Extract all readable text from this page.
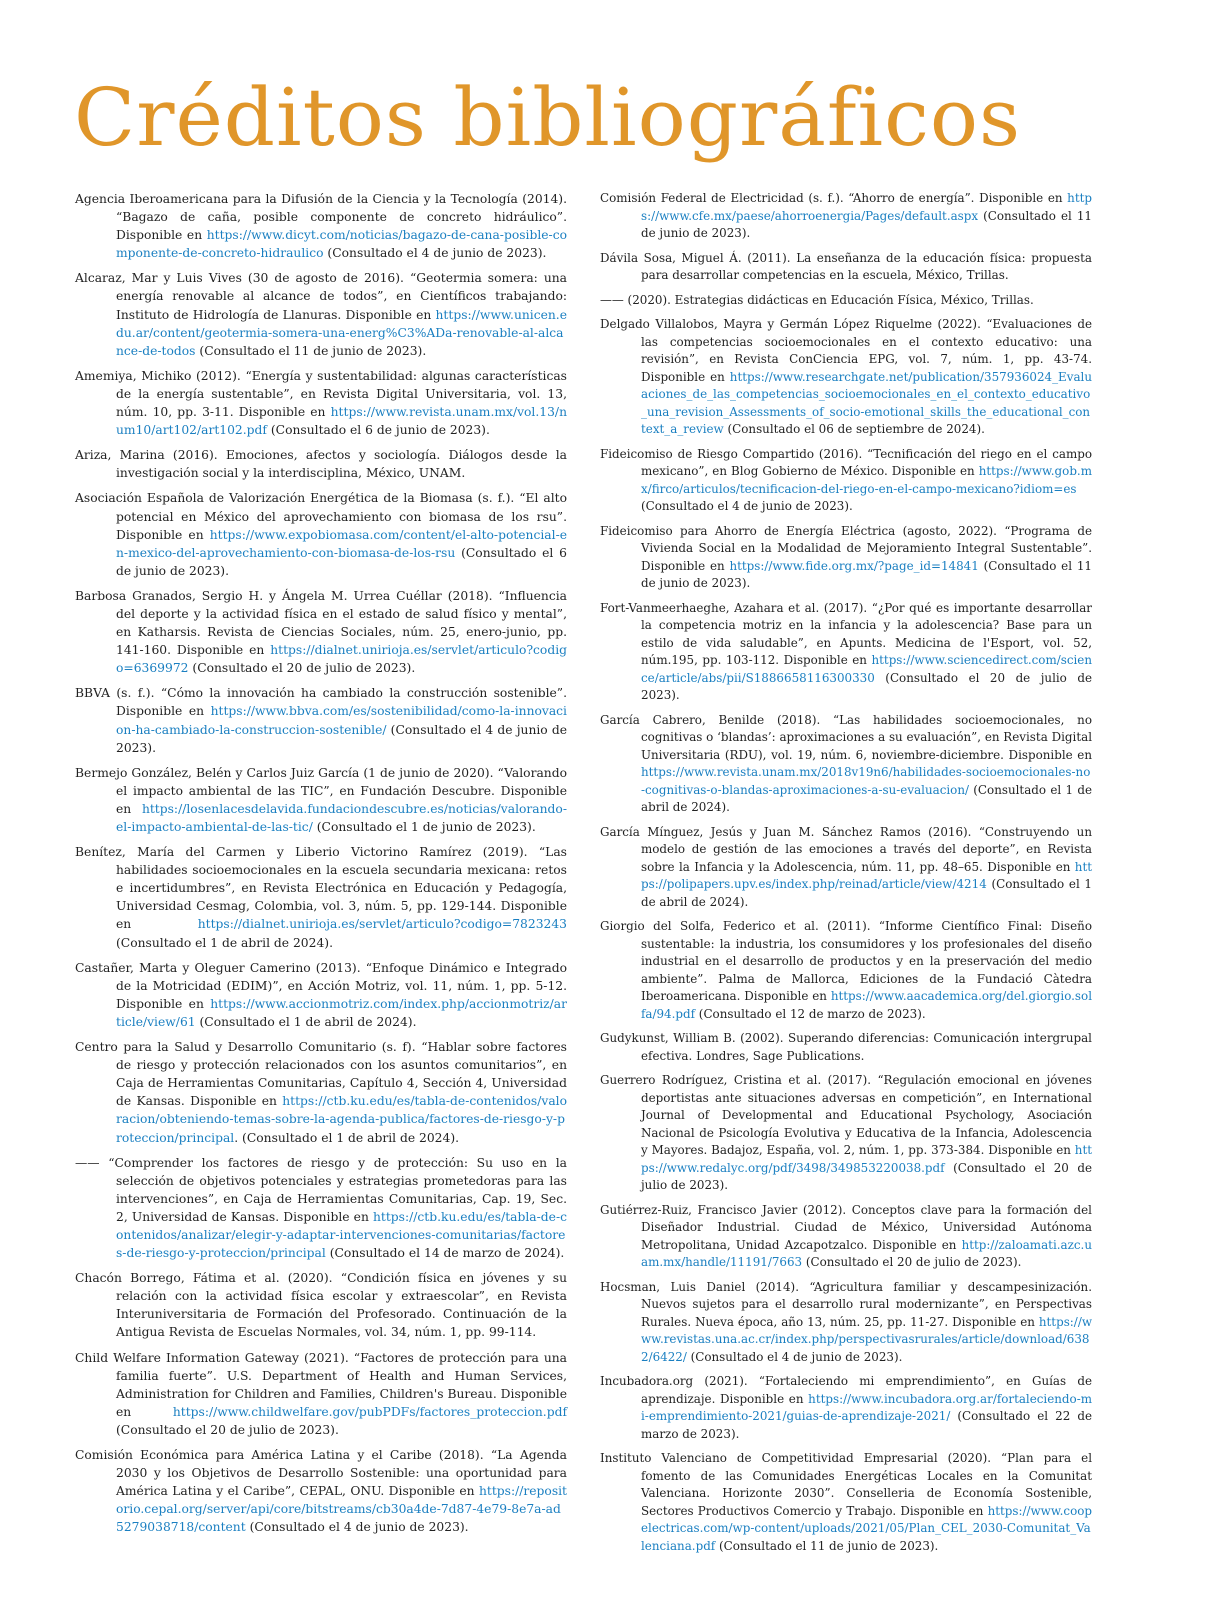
Créditos bibliográficos

Agencia Iberoamericana para la Difusión de la Ciencia y la Tecnología (2014). “Bagazo de caña, posible componente de concreto hidráulico”. Disponible en https://www.dicyt.com/noticias/bagazo-de-cana-posible-componente-de-concreto-hidraulico (Consultado el 4 de junio de 2023).

Alcaraz, Mar y Luis Vives (30 de agosto de 2016). “Geotermia somera: una energía renovable al alcance de todos”, en Científicos trabajando: Instituto de Hidrología de Llanuras. Disponible en https://www.unicen.edu.ar/content/geotermia-somera-una-energ%C3%ADa-renovable-al-alcance-de-todos (Consultado el 11 de junio de 2023).

Amemiya, Michiko (2012). “Energía y sustentabilidad: algunas características de la energía sustentable”, en Revista Digital Universitaria, vol. 13, núm. 10, pp. 3-11. Disponible en https://www.revista.unam.mx/vol.13/num10/art102/art102.pdf (Consultado el 6 de junio de 2023).

Ariza, Marina (2016). Emociones, afectos y sociología. Diálogos desde la investigación social y la interdisciplina, México, UNAM.

Asociación Española de Valorización Energética de la Biomasa (s. f.). “El alto potencial en México del aprovechamiento con biomasa de los rsu”. Disponible en https://www.expobiomasa.com/content/el-alto-potencial-en-mexico-del-aprovechamiento-con-biomasa-de-los-rsu (Consultado el 6 de junio de 2023).

Barbosa Granados, Sergio H. y Ángela M. Urrea Cuéllar (2018). “Influencia del deporte y la actividad física en el estado de salud físico y mental”, en Katharsis. Revista de Ciencias Sociales, núm. 25, enero-junio, pp. 141-160. Disponible en https://dialnet.unirioja.es/servlet/articulo?codigo=6369972 (Consultado el 20 de julio de 2023).

BBVA (s. f.). “Cómo la innovación ha cambiado la construcción sostenible”. Disponible en https://www.bbva.com/es/sostenibilidad/como-la-innovacion-ha-cambiado-la-construccion-sostenible/ (Consultado el 4 de junio de 2023).

Bermejo González, Belén y Carlos Juiz García (1 de junio de 2020). “Valorando el impacto ambiental de las TIC”, en Fundación Descubre. Disponible en https://losenlacesdelavida.fundaciondescubre.es/noticias/valorando-el-impacto-ambiental-de-las-tic/ (Consultado el 1 de junio de 2023).

Benítez, María del Carmen y Liberio Victorino Ramírez (2019). “Las habilidades socioemocionales en la escuela secundaria mexicana: retos e incertidumbres”, en Revista Electrónica en Educación y Pedagogía, Universidad Cesmag, Colombia, vol. 3, núm. 5, pp. 129-144. Disponible en https://dialnet.unirioja.es/servlet/articulo?codigo=7823243 (Consultado el 1 de abril de 2024).

Castañer, Marta y Oleguer Camerino (2013). “Enfoque Dinámico e Integrado de la Motricidad (EDIM)”, en Acción Motriz, vol. 11, núm. 1, pp. 5-12. Disponible en https://www.accionmotriz.com/index.php/accionmotriz/article/view/61 (Consultado el 1 de abril de 2024).

Centro para la Salud y Desarrollo Comunitario (s. f). “Hablar sobre factores de riesgo y protección relacionados con los asuntos comunitarios”, en Caja de Herramientas Comunitarias, Capítulo 4, Sección 4, Universidad de Kansas. Disponible en https://ctb.ku.edu/es/tabla-de-contenidos/valoracion/obteniendo-temas-sobre-la-agenda-publica/factores-de-riesgo-y-proteccion/principal. (Consultado el 1 de abril de 2024).

—— “Comprender los factores de riesgo y de protección: Su uso en la selección de objetivos potenciales y estrategias prometedoras para las intervenciones”, en Caja de Herramientas Comunitarias, Cap. 19, Sec. 2, Universidad de Kansas. Disponible en https://ctb.ku.edu/es/tabla-de-contenidos/analizar/elegir-y-adaptar-intervenciones-comunitarias/factores-de-riesgo-y-proteccion/principal (Consultado el 14 de marzo de 2024).

Chacón Borrego, Fátima et al. (2020). “Condición física en jóvenes y su relación con la actividad física escolar y extraescolar”, en Revista Interuniversitaria de Formación del Profesorado. Continuación de la Antigua Revista de Escuelas Normales, vol. 34, núm. 1, pp. 99-114.

Child Welfare Information Gateway (2021). “Factores de protección para una familia fuerte”. U.S. Department of Health and Human Services, Administration for Children and Families, Children's Bureau. Disponible en https://www.childwelfare.gov/pubPDFs/factores_proteccion.pdf (Consultado el 20 de julio de 2023).

Comisión Económica para América Latina y el Caribe (2018). “La Agenda 2030 y los Objetivos de Desarrollo Sostenible: una oportunidad para América Latina y el Caribe”, CEPAL, ONU. Disponible en https://repositorio.cepal.org/server/api/core/bitstreams/cb30a4de-7d87-4e79-8e7a-ad5279038718/content (Consultado el 4 de junio de 2023).

Comisión Federal de Electricidad (s. f.). “Ahorro de energía”. Disponible en https://www.cfe.mx/paese/ahorroenergia/Pages/default.aspx (Consultado el 11 de junio de 2023).

Dávila Sosa, Miguel Á. (2011). La enseñanza de la educación física: propuesta para desarrollar competencias en la escuela, México, Trillas.

—— (2020). Estrategias didácticas en Educación Física, México, Trillas.

Delgado Villalobos, Mayra y Germán López Riquelme (2022). “Evaluaciones de las competencias socioemocionales en el contexto educativo: una revisión”, en Revista ConCiencia EPG, vol. 7, núm. 1, pp. 43-74. Disponible en https://www.researchgate.net/publication/357936024_Evaluaciones_de_las_competencias_socioemocionales_en_el_contexto_educativo_una_revision_Assessments_of_socio-emotional_skills_the_educational_context_a_review (Consultado el 06 de septiembre de 2024).

Fideicomiso de Riesgo Compartido (2016). “Tecnificación del riego en el campo mexicano”, en Blog Gobierno de México. Disponible en https://www.gob.mx/firco/articulos/tecnificacion-del-riego-en-el-campo-mexicano?idiom=es (Consultado el 4 de junio de 2023).

Fideicomiso para Ahorro de Energía Eléctrica (agosto, 2022). “Programa de Vivienda Social en la Modalidad de Mejoramiento Integral Sustentable”. Disponible en https://www.fide.org.mx/?page_id=14841 (Consultado el 11 de junio de 2023).

Fort-Vanmeerhaeghe, Azahara et al. (2017). “¿Por qué es importante desarrollar la competencia motriz en la infancia y la adolescencia? Base para un estilo de vida saludable”, en Apunts. Medicina de l'Esport, vol. 52, núm.195, pp. 103-112. Disponible en https://www.sciencedirect.com/science/article/abs/pii/S1886658116300330 (Consultado el 20 de julio de 2023).

García Cabrero, Benilde (2018). “Las habilidades socioemocionales, no cognitivas o ‘blandas’: aproximaciones a su evaluación”, en Revista Digital Universitaria (RDU), vol. 19, núm. 6, noviembre-diciembre. Disponible en https://www.revista.unam.mx/2018v19n6/habilidades-socioemocionales-no-cognitivas-o-blandas-aproximaciones-a-su-evaluacion/ (Consultado el 1 de abril de 2024).

García Mínguez, Jesús y Juan M. Sánchez Ramos (2016). “Construyendo un modelo de gestión de las emociones a través del deporte”, en Revista sobre la Infancia y la Adolescencia, núm. 11, pp. 48–65. Disponible en https://polipapers.upv.es/index.php/reinad/article/view/4214 (Consultado el 1 de abril de 2024).

Giorgio del Solfa, Federico et al. (2011). “Informe Científico Final: Diseño sustentable: la industria, los consumidores y los profesionales del diseño industrial en el desarrollo de productos y en la preservación del medio ambiente”. Palma de Mallorca, Ediciones de la Fundació Càtedra Iberoamericana. Disponible en https://www.aacademica.org/del.giorgio.solfa/94.pdf (Consultado el 12 de marzo de 2023).

Gudykunst, William B. (2002). Superando diferencias: Comunicación intergrupal efectiva. Londres, Sage Publications.

Guerrero Rodríguez, Cristina et al. (2017). “Regulación emocional en jóvenes deportistas ante situaciones adversas en competición”, en International Journal of Developmental and Educational Psychology, Asociación Nacional de Psicología Evolutiva y Educativa de la Infancia, Adolescencia y Mayores. Badajoz, España, vol. 2, núm. 1, pp. 373-384. Disponible en https://www.redalyc.org/pdf/3498/349853220038.pdf (Consultado el 20 de julio de 2023).

Gutiérrez-Ruiz, Francisco Javier (2012). Conceptos clave para la formación del Diseñador Industrial. Ciudad de México, Universidad Autónoma Metropolitana, Unidad Azcapotzalco. Disponible en http://zaloamati.azc.uam.mx/handle/11191/7663 (Consultado el 20 de julio de 2023).

Hocsman, Luis Daniel (2014). “Agricultura familiar y descampesinización. Nuevos sujetos para el desarrollo rural modernizante”, en Perspectivas Rurales. Nueva época, año 13, núm. 25, pp. 11-27. Disponible en https://www.revistas.una.ac.cr/index.php/perspectivasrurales/article/download/6382/6422/ (Consultado el 4 de junio de 2023).

Incubadora.org (2021). “Fortaleciendo mi emprendimiento”, en Guías de aprendizaje. Disponible en https://www.incubadora.org.ar/fortaleciendo-mi-emprendimiento-2021/guias-de-aprendizaje-2021/ (Consultado el 22 de marzo de 2023).

Instituto Valenciano de Competitividad Empresarial (2020). “Plan para el fomento de las Comunidades Energéticas Locales en la Comunitat Valenciana. Horizonte 2030”. Conselleria de Economía Sostenible, Sectores Productivos Comercio y Trabajo. Disponible en https://www.coopelectricas.com/wp-content/uploads/2021/05/Plan_CEL_2030-Comunitat_Valenciana.pdf (Consultado el 11 de junio de 2023).
